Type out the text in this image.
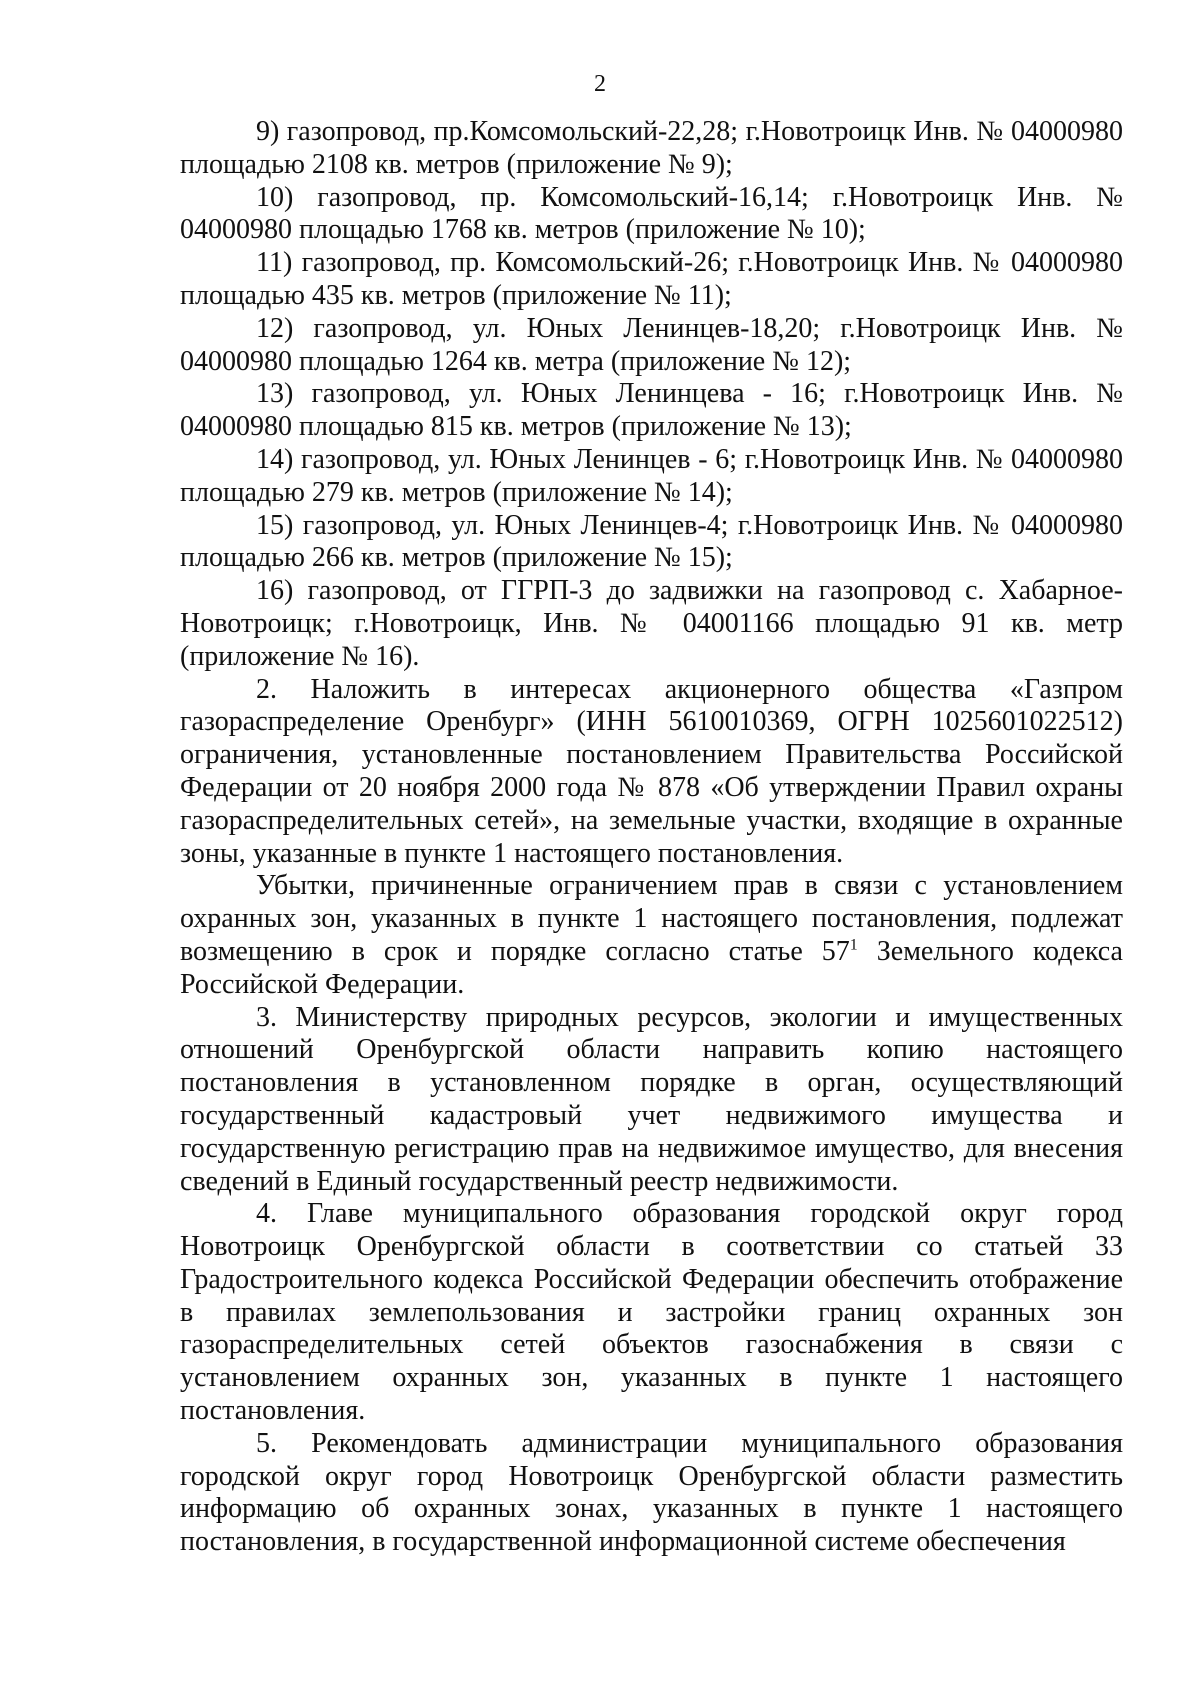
2

9) газопровод, пр.Комсомольский-22,28; г.Новотроицк Инв. № 04000980 площадью 2108 кв. метров (приложение № 9);

10) газопровод, пр. Комсомольский-16,14; г.Новотроицк Инв. № 04000980 площадью 1768 кв. метров (приложение № 10);

11) газопровод, пр. Комсомольский-26; г.Новотроицк Инв. № 04000980 площадью 435 кв. метров (приложение № 11);

12) газопровод, ул. Юных Ленинцев-18,20; г.Новотроицк Инв. № 04000980 площадью 1264 кв. метра (приложение № 12);

13) газопровод, ул. Юных Ленинцева - 16; г.Новотроицк Инв. № 04000980 площадью 815 кв. метров (приложение № 13);

14) газопровод, ул. Юных Ленинцев - 6; г.Новотроицк Инв. № 04000980 площадью 279 кв. метров (приложение № 14);

15) газопровод, ул. Юных Ленинцев-4; г.Новотроицк Инв. № 04000980 площадью 266 кв. метров (приложение № 15);

16) газопровод, от ГГРП-3 до задвижки на газопровод с. Хабарное-Новотроицк; г.Новотроицк, Инв. № 04001166 площадью 91 кв. метр (приложение № 16).

2. Наложить в интересах акционерного общества «Газпром газораспределение Оренбург» (ИНН 5610010369, ОГРН 1025601022512) ограничения, установленные постановлением Правительства Российской Федерации от 20 ноября 2000 года № 878 «Об утверждении Правил охраны газораспределительных сетей», на земельные участки, входящие в охранные зоны, указанные в пункте 1 настоящего постановления.

Убытки, причиненные ограничением прав в связи с установлением охранных зон, указанных в пункте 1 настоящего постановления, подлежат возмещению в срок и порядке согласно статье $57^1$ Земельного кодекса Российской Федерации.

3. Министерству природных ресурсов, экологии и имущественных отношений Оренбургской области направить копию настоящего постановления в установленном порядке в орган, осуществляющий государственный кадастровый учет недвижимого имущества и государственную регистрацию прав на недвижимое имущество, для внесения сведений в Единый государственный реестр недвижимости.

4. Главе муниципального образования городской округ город Новотроицк Оренбургской области в соответствии со статьей 33 Градостроительного кодекса Российской Федерации обеспечить отображение в правилах землепользования и застройки границ охранных зон газораспределительных сетей объектов газоснабжения в связи с установлением охранных зон, указанных в пункте 1 настоящего постановления.

5. Рекомендовать администрации муниципального образования городской округ город Новотроицк Оренбургской области разместить информацию об охранных зонах, указанных в пункте 1 настоящего постановления, в государственной информационной системе обеспечения
